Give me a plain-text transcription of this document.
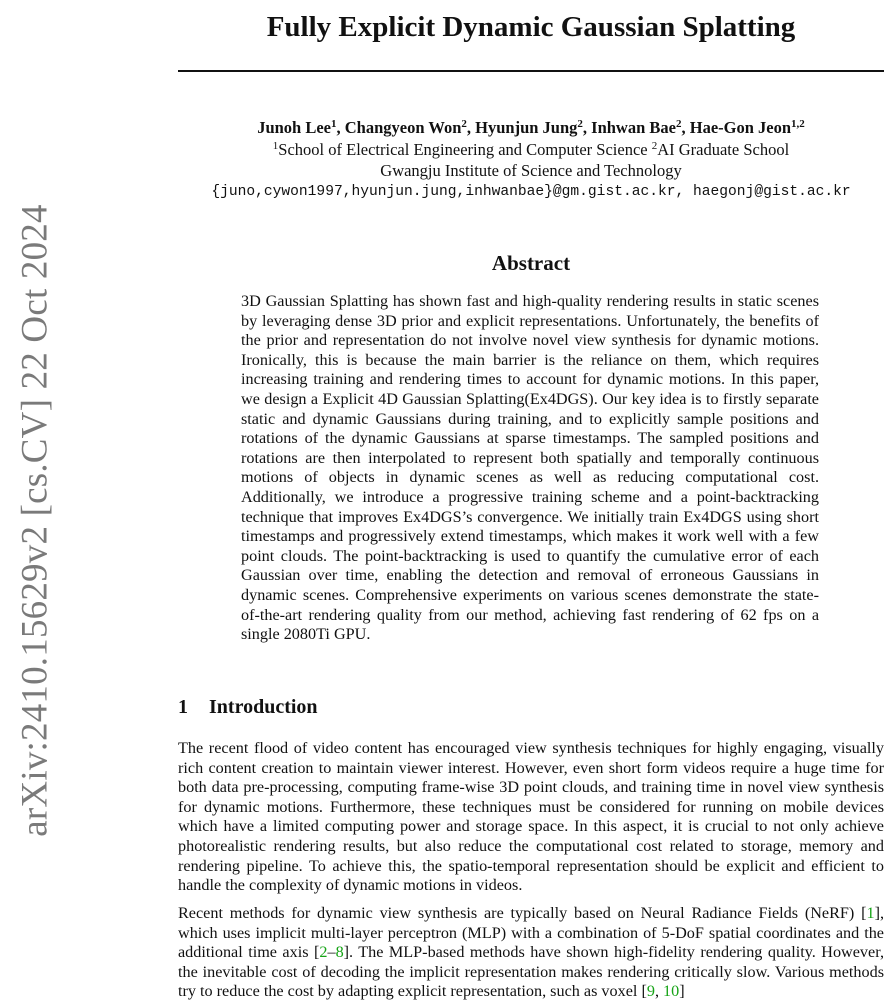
arXiv:2410.15629v2 [cs.CV] 22 Oct 2024
Fully Explicit Dynamic Gaussian Splatting
Junoh Lee$^1$, Changyeon Won$^2$, Hyunjun Jung$^2$, Inhwan Bae$^2$, Hae-Gon Jeon$^{1,2}$
$^1$School of Electrical Engineering and Computer Science $^2$AI Graduate School
Gwangju Institute of Science and Technology
{juno,cywon1997,hyunjun.jung,inhwanbae}@gm.gist.ac.kr, haegonj@gist.ac.kr
Abstract

3D Gaussian Splatting has shown fast and high-quality rendering results in static scenes by leveraging dense 3D prior and explicit representations. Unfortunately, the benefits of the prior and representation do not involve novel view synthesis for dynamic motions. Ironically, this is because the main barrier is the reliance on them, which requires increasing training and rendering times to account for dynamic motions. In this paper, we design a Explicit 4D Gaussian Splatting(Ex4DGS). Our key idea is to firstly separate static and dynamic Gaussians during training, and to explicitly sample positions and rotations of the dynamic Gaussians at sparse timestamps. The sampled positions and rotations are then interpolated to represent both spatially and temporally continuous motions of objects in dynamic scenes as well as reducing computational cost. Additionally, we introduce a progressive training scheme and a point-backtracking technique that improves Ex4DGS’s convergence. We initially train Ex4DGS using short timestamps and progressively extend timestamps, which makes it work well with a few point clouds. The point-backtracking is used to quantify the cumulative error of each Gaussian over time, enabling the detection and removal of erroneous Gaussians in dynamic scenes. Comprehensive experiments on various scenes demonstrate the state-of-the-art rendering quality from our method, achieving fast rendering of 62 fps on a single 2080Ti GPU.

1 Introduction

The recent flood of video content has encouraged view synthesis techniques for highly engaging, visually rich content creation to maintain viewer interest. However, even short form videos require a huge time for both data pre-processing, computing frame-wise 3D point clouds, and training time in novel view synthesis for dynamic motions. Furthermore, these techniques must be considered for running on mobile devices which have a limited computing power and storage space. In this aspect, it is crucial to not only achieve photorealistic rendering results, but also reduce the computational cost related to storage, memory and rendering pipeline. To achieve this, the spatio-temporal representation should be explicit and efficient to handle the complexity of dynamic motions in videos.

Recent methods for dynamic view synthesis are typically based on Neural Radiance Fields (NeRF) [1], which uses implicit multi-layer perceptron (MLP) with a combination of 5-DoF spatial coordinates and the additional time axis [2–8]. The MLP-based methods have shown high-fidelity rendering quality. However, the inevitable cost of decoding the implicit representation makes rendering critically slow. Various methods try to reduce the cost by adapting explicit representation, such as voxel [9, 10]
